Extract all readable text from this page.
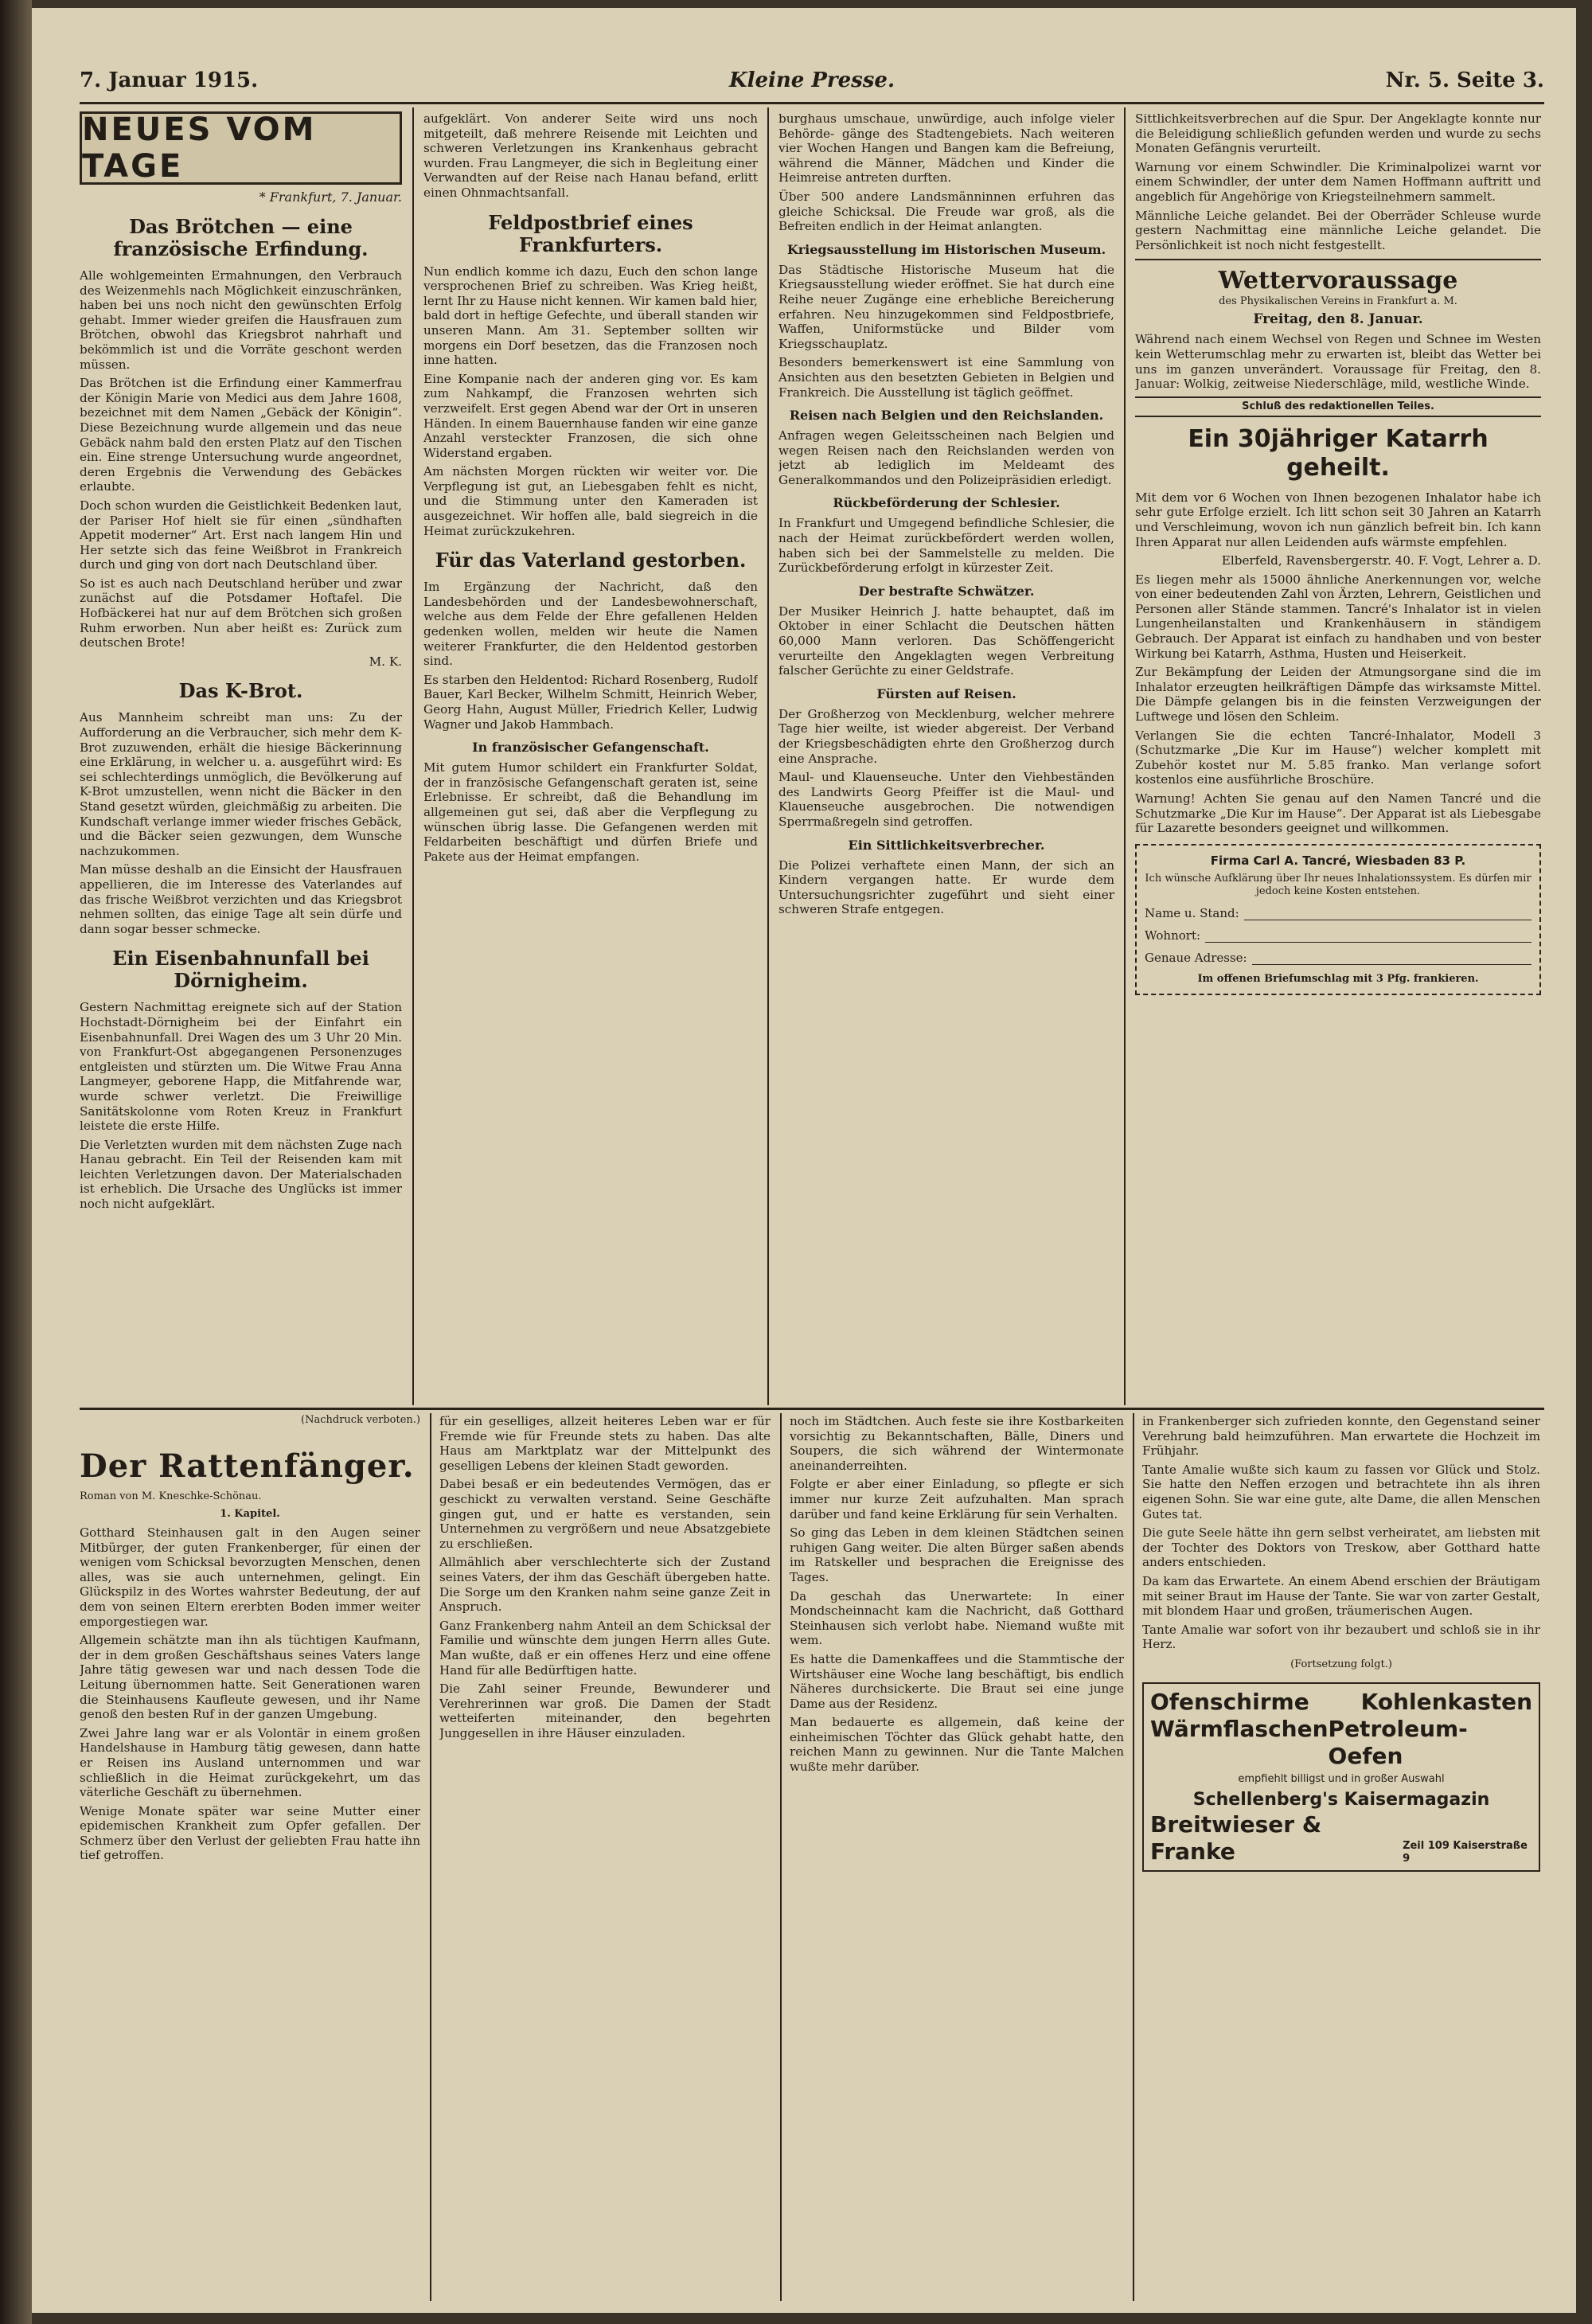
7. Januar 1915.	Kleine Presse.	Nr. 5. Seite 3.
NEUES VOM TAGE
* Frankfurt, 7. Januar.
Das Brötchen — eine französische Erfindung.

Alle wohlgemeinten Ermahnungen, den Verbrauch des Weizenmehls nach Möglichkeit einzuschränken, haben bei uns noch nicht den gewünschten Erfolg gehabt. Immer wieder greifen die Hausfrauen zum Brötchen, obwohl das Kriegsbrot nahrhaft und bekömmlich ist und die Vorräte geschont werden müssen.

Das Brötchen ist die Erfindung einer Kammerfrau der Königin Marie von Medici aus dem Jahre 1608, bezeichnet mit dem Namen „Gebäck der Königin“. Diese Bezeichnung wurde allgemein und das neue Gebäck nahm bald den ersten Platz auf den Tischen ein. Eine strenge Untersuchung wurde angeordnet, deren Ergebnis die Verwendung des Gebäckes erlaubte.

Doch schon wurden die Geistlichkeit Bedenken laut, der Pariser Hof hielt sie für einen „sündhaften Appetit moderner“ Art. Erst nach langem Hin und Her setzte sich das feine Weißbrot in Frankreich durch und ging von dort nach Deutschland über.

So ist es auch nach Deutschland herüber und zwar zunächst auf die Potsdamer Hoftafel. Die Hofbäckerei hat nur auf dem Brötchen sich großen Ruhm erworben. Nun aber heißt es: Zurück zum deutschen Brote!

M. K.

Das K-Brot.

Aus Mannheim schreibt man uns: Zu der Aufforderung an die Verbraucher, sich mehr dem K-Brot zuzuwenden, erhält die hiesige Bäckerinnung eine Erklärung, in welcher u. a. ausgeführt wird: Es sei schlechterdings unmöglich, die Bevölkerung auf K-Brot umzustellen, wenn nicht die Bäcker in den Stand gesetzt würden, gleichmäßig zu arbeiten. Die Kundschaft verlange immer wieder frisches Gebäck, und die Bäcker seien gezwungen, dem Wunsche nachzukommen.

Man müsse deshalb an die Einsicht der Hausfrauen appellieren, die im Interesse des Vaterlandes auf das frische Weißbrot verzichten und das Kriegsbrot nehmen sollten, das einige Tage alt sein dürfe und dann sogar besser schmecke.

Ein Eisenbahnunfall bei Dörnigheim.

Gestern Nachmittag ereignete sich auf der Station Hochstadt-Dörnigheim bei der Einfahrt ein Eisenbahnunfall. Drei Wagen des um 3 Uhr 20 Min. von Frankfurt-Ost abgegangenen Personenzuges entgleisten und stürzten um. Die Witwe Frau Anna Langmeyer, geborene Happ, die Mitfahrende war, wurde schwer verletzt. Die Freiwillige Sanitätskolonne vom Roten Kreuz in Frankfurt leistete die erste Hilfe.

Die Verletzten wurden mit dem nächsten Zuge nach Hanau gebracht. Ein Teil der Reisenden kam mit leichten Verletzungen davon. Der Materialschaden ist erheblich. Die Ursache des Unglücks ist immer noch nicht aufgeklärt.

aufgeklärt. Von anderer Seite wird uns noch mitgeteilt, daß mehrere Reisende mit Leichten und schweren Verletzungen ins Krankenhaus gebracht wurden. Frau Langmeyer, die sich in Begleitung einer Verwandten auf der Reise nach Hanau befand, erlitt einen Ohnmachtsanfall.

Feldpostbrief eines Frankfurters.

Nun endlich komme ich dazu, Euch den schon lange versprochenen Brief zu schreiben. Was Krieg heißt, lernt Ihr zu Hause nicht kennen. Wir kamen bald hier, bald dort in heftige Gefechte, und überall standen wir unseren Mann. Am 31. September sollten wir morgens ein Dorf besetzen, das die Franzosen noch inne hatten.

Eine Kompanie nach der anderen ging vor. Es kam zum Nahkampf, die Franzosen wehrten sich verzweifelt. Erst gegen Abend war der Ort in unseren Händen. In einem Bauernhause fanden wir eine ganze Anzahl versteckter Franzosen, die sich ohne Widerstand ergaben.

Am nächsten Morgen rückten wir weiter vor. Die Verpflegung ist gut, an Liebesgaben fehlt es nicht, und die Stimmung unter den Kameraden ist ausgezeichnet. Wir hoffen alle, bald siegreich in die Heimat zurückzukehren.

Für das Vaterland gestorben.

Im Ergänzung der Nachricht, daß den Landesbehörden und der Landesbewohnerschaft, welche aus dem Felde der Ehre gefallenen Helden gedenken wollen, melden wir heute die Namen weiterer Frankfurter, die den Heldentod gestorben sind.

Es starben den Heldentod: Richard Rosenberg, Rudolf Bauer, Karl Becker, Wilhelm Schmitt, Heinrich Weber, Georg Hahn, August Müller, Friedrich Keller, Ludwig Wagner und Jakob Hammbach.

In französischer Gefangenschaft.

Mit gutem Humor schildert ein Frankfurter Soldat, der in französische Gefangenschaft geraten ist, seine Erlebnisse. Er schreibt, daß die Behandlung im allgemeinen gut sei, daß aber die Verpflegung zu wünschen übrig lasse. Die Gefangenen werden mit Feldarbeiten beschäftigt und dürfen Briefe und Pakete aus der Heimat empfangen.

burghaus umschaue, unwürdige, auch infolge vieler Behörde- gänge des Stadtengebiets. Nach weiteren vier Wochen Hangen und Bangen kam die Befreiung, während die Männer, Mädchen und Kinder die Heimreise antreten durften.

Über 500 andere Landsmänninnen erfuhren das gleiche Schicksal. Die Freude war groß, als die Befreiten endlich in der Heimat anlangten.

Kriegsausstellung im Historischen Museum.

Das Städtische Historische Museum hat die Kriegsausstellung wieder eröffnet. Sie hat durch eine Reihe neuer Zugänge eine erhebliche Bereicherung erfahren. Neu hinzugekommen sind Feldpostbriefe, Waffen, Uniformstücke und Bilder vom Kriegsschauplatz.

Besonders bemerkenswert ist eine Sammlung von Ansichten aus den besetzten Gebieten in Belgien und Frankreich. Die Ausstellung ist täglich geöffnet.

Reisen nach Belgien und den Reichslanden.

Anfragen wegen Geleitsscheinen nach Belgien und wegen Reisen nach den Reichslanden werden von jetzt ab lediglich im Meldeamt des Generalkommandos und den Polizeipräsidien erledigt.

Rückbeförderung der Schlesier.

In Frankfurt und Umgegend befindliche Schlesier, die nach der Heimat zurückbefördert werden wollen, haben sich bei der Sammelstelle zu melden. Die Zurückbeförderung erfolgt in kürzester Zeit.

Der bestrafte Schwätzer.

Der Musiker Heinrich J. hatte behauptet, daß im Oktober in einer Schlacht die Deutschen hätten 60,000 Mann verloren. Das Schöffengericht verurteilte den Angeklagten wegen Verbreitung falscher Gerüchte zu einer Geldstrafe.

Fürsten auf Reisen.

Der Großherzog von Mecklenburg, welcher mehrere Tage hier weilte, ist wieder abgereist. Der Verband der Kriegsbeschädigten ehrte den Großherzog durch eine Ansprache.

Maul- und Klauenseuche. Unter den Viehbeständen des Landwirts Georg Pfeiffer ist die Maul- und Klauenseuche ausgebrochen. Die notwendigen Sperrmaßregeln sind getroffen.

Ein Sittlichkeitsverbrecher.

Die Polizei verhaftete einen Mann, der sich an Kindern vergangen hatte. Er wurde dem Untersuchungsrichter zugeführt und sieht einer schweren Strafe entgegen.

Sittlichkeitsverbrechen auf die Spur. Der Angeklagte konnte nur die Beleidigung schließlich gefunden werden und wurde zu sechs Monaten Gefängnis verurteilt.

Warnung vor einem Schwindler. Die Kriminalpolizei warnt vor einem Schwindler, der unter dem Namen Hoffmann auftritt und angeblich für Angehörige von Kriegsteilnehmern sammelt.

Männliche Leiche gelandet. Bei der Oberräder Schleuse wurde gestern Nachmittag eine männliche Leiche gelandet. Die Persönlichkeit ist noch nicht festgestellt.

Wettervoraussage
des Physikalischen Vereins in Frankfurt a. M.
Freitag, den 8. Januar.

Während nach einem Wechsel von Regen und Schnee im Westen kein Wetterumschlag mehr zu erwarten ist, bleibt das Wetter bei uns im ganzen unverändert. Voraussage für Freitag, den 8. Januar: Wolkig, zeitweise Niederschläge, mild, westliche Winde.

Schluß des redaktionellen Teiles.
Ein 30jähriger Katarrh geheilt.

Mit dem vor 6 Wochen von Ihnen bezogenen Inhalator habe ich sehr gute Erfolge erzielt. Ich litt schon seit 30 Jahren an Katarrh und Verschleimung, wovon ich nun gänzlich befreit bin. Ich kann Ihren Apparat nur allen Leidenden aufs wärmste empfehlen.

Elberfeld, Ravensbergerstr. 40. F. Vogt, Lehrer a. D.

Es liegen mehr als 15000 ähnliche Anerkennungen vor, welche von einer bedeutenden Zahl von Ärzten, Lehrern, Geistlichen und Personen aller Stände stammen. Tancré's Inhalator ist in vielen Lungenheilanstalten und Krankenhäusern in ständigem Gebrauch. Der Apparat ist einfach zu handhaben und von bester Wirkung bei Katarrh, Asthma, Husten und Heiserkeit.

Zur Bekämpfung der Leiden der Atmungsorgane sind die im Inhalator erzeugten heilkräftigen Dämpfe das wirksamste Mittel. Die Dämpfe gelangen bis in die feinsten Verzweigungen der Luftwege und lösen den Schleim.

Verlangen Sie die echten Tancré-Inhalator, Modell 3 (Schutzmarke „Die Kur im Hause“) welcher komplett mit Zubehör kostet nur M. 5.85 franko. Man verlange sofort kostenlos eine ausführliche Broschüre.

Warnung! Achten Sie genau auf den Namen Tancré und die Schutzmarke „Die Kur im Hause“. Der Apparat ist als Liebesgabe für Lazarette besonders geeignet und willkommen.

Firma Carl A. Tancré, Wiesbaden 83 P.
Ich wünsche Aufklärung über Ihr neues Inhalationssystem. Es dürfen mir jedoch keine Kosten entstehen.
Name u. Stand:
Wohnort:
Genaue Adresse:
Im offenen Briefumschlag mit 3 Pfg. frankieren.
(Nachdruck verboten.)
Der Rattenfänger.
Roman von M. Kneschke-Schönau.
1. Kapitel.

Gotthard Steinhausen galt in den Augen seiner Mitbürger, der guten Frankenberger, für einen der wenigen vom Schicksal bevorzugten Menschen, denen alles, was sie auch unternehmen, gelingt. Ein Glückspilz in des Wortes wahrster Bedeutung, der auf dem von seinen Eltern ererbten Boden immer weiter emporgestiegen war.

Allgemein schätzte man ihn als tüchtigen Kaufmann, der in dem großen Geschäftshaus seines Vaters lange Jahre tätig gewesen war und nach dessen Tode die Leitung übernommen hatte. Seit Generationen waren die Steinhausens Kaufleute gewesen, und ihr Name genoß den besten Ruf in der ganzen Umgebung.

Zwei Jahre lang war er als Volontär in einem großen Handelshause in Hamburg tätig gewesen, dann hatte er Reisen ins Ausland unternommen und war schließlich in die Heimat zurückgekehrt, um das väterliche Geschäft zu übernehmen.

Wenige Monate später war seine Mutter einer epidemischen Krankheit zum Opfer gefallen. Der Schmerz über den Verlust der geliebten Frau hatte ihn tief getroffen.

für ein geselliges, allzeit heiteres Leben war er für Fremde wie für Freunde stets zu haben. Das alte Haus am Marktplatz war der Mittelpunkt des geselligen Lebens der kleinen Stadt geworden.

Dabei besaß er ein bedeutendes Vermögen, das er geschickt zu verwalten verstand. Seine Geschäfte gingen gut, und er hatte es verstanden, sein Unternehmen zu vergrößern und neue Absatzgebiete zu erschließen.

Allmählich aber verschlechterte sich der Zustand seines Vaters, der ihm das Geschäft übergeben hatte. Die Sorge um den Kranken nahm seine ganze Zeit in Anspruch.

Ganz Frankenberg nahm Anteil an dem Schicksal der Familie und wünschte dem jungen Herrn alles Gute. Man wußte, daß er ein offenes Herz und eine offene Hand für alle Bedürftigen hatte.

Die Zahl seiner Freunde, Bewunderer und Verehrerinnen war groß. Die Damen der Stadt wetteiferten miteinander, den begehrten Junggesellen in ihre Häuser einzuladen.

noch im Städtchen. Auch feste sie ihre Kostbarkeiten vorsichtig zu Bekanntschaften, Bälle, Diners und Soupers, die sich während der Wintermonate aneinanderreihten.

Folgte er aber einer Einladung, so pflegte er sich immer nur kurze Zeit aufzuhalten. Man sprach darüber und fand keine Erklärung für sein Verhalten.

So ging das Leben in dem kleinen Städtchen seinen ruhigen Gang weiter. Die alten Bürger saßen abends im Ratskeller und besprachen die Ereignisse des Tages.

Da geschah das Unerwartete: In einer Mondscheinnacht kam die Nachricht, daß Gotthard Steinhausen sich verlobt habe. Niemand wußte mit wem.

Es hatte die Damenkaffees und die Stammtische der Wirtshäuser eine Woche lang beschäftigt, bis endlich Näheres durchsickerte. Die Braut sei eine junge Dame aus der Residenz.

Man bedauerte es allgemein, daß keine der einheimischen Töchter das Glück gehabt hatte, den reichen Mann zu gewinnen. Nur die Tante Malchen wußte mehr darüber.

in Frankenberger sich zufrieden konnte, den Gegenstand seiner Verehrung bald heimzuführen. Man erwartete die Hochzeit im Frühjahr.

Tante Amalie wußte sich kaum zu fassen vor Glück und Stolz. Sie hatte den Neffen erzogen und betrachtete ihn als ihren eigenen Sohn. Sie war eine gute, alte Dame, die allen Menschen Gutes tat.

Die gute Seele hätte ihn gern selbst verheiratet, am liebsten mit der Tochter des Doktors von Treskow, aber Gotthard hatte anders entschieden.

Da kam das Erwartete. An einem Abend erschien der Bräutigam mit seiner Braut im Hause der Tante. Sie war von zarter Gestalt, mit blondem Haar und großen, träumerischen Augen.

Tante Amalie war sofort von ihr bezaubert und schloß sie in ihr Herz.

(Fortsetzung folgt.)
Ofenschirme Kohlenkasten
Wärmflaschen Petroleum-Oefen
empfiehlt billigst und in großer Auswahl
Schellenberg's Kaisermagazin
Breitwieser & Franke	Zeil 109 Kaiserstraße 9
